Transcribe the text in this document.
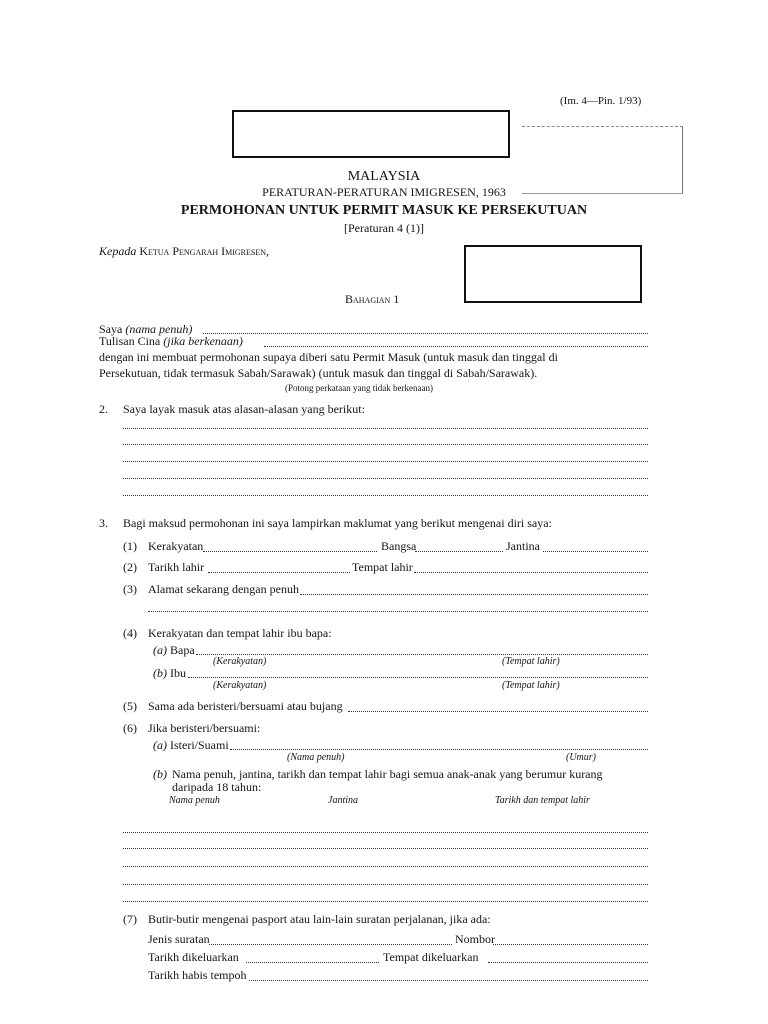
(Im. 4—Pin. 1/93)
MALAYSIA
PERATURAN-PERATURAN IMIGRESEN, 1963
PERMOHONAN UNTUK PERMIT MASUK KE PERSEKUTUAN
[Peraturan 4 (1)]
Kepada Ketua Pengarah Imigresen,
Bahagian 1
Saya (nama penuh)
Tulisan Cina (jika berkenaan)
dengan ini membuat permohonan supaya diberi satu Permit Masuk (untuk masuk dan tinggal di
Persekutuan, tidak termasuk Sabah/Sarawak) (untuk masuk dan tinggal di Sabah/Sarawak).
(Potong perkataan yang tidak berkenaan)
2. Saya layak masuk atas alasan-alasan yang berikut:
3. Bagi maksud permohonan ini saya lampirkan maklumat yang berikut mengenai diri saya:
(1) Kerakyatan	Bangsa	Jantina
(2) Tarikh lahir	Tempat lahir
(3) Alamat sekarang dengan penuh
(4) Kerakyatan dan tempat lahir ibu bapa:
(a) Bapa
(Kerakyatan)	(Tempat lahir)
(b) Ibu
(Kerakyatan)	(Tempat lahir)
(5) Sama ada beristeri/bersuami atau bujang
(6) Jika beristeri/bersuami:
(a) Isteri/Suami
(Nama penuh)	(Umur)
(b) Nama penuh, jantina, tarikh dan tempat lahir bagi semua anak-anak yang berumur kurang
daripada 18 tahun:
Nama penuh	Jantina	Tarikh dan tempat lahir
(7) Butir-butir mengenai pasport atau lain-lain suratan perjalanan, jika ada:
Jenis suratan	Nombor
Tarikh dikeluarkan	Tempat dikeluarkan
Tarikh habis tempoh
